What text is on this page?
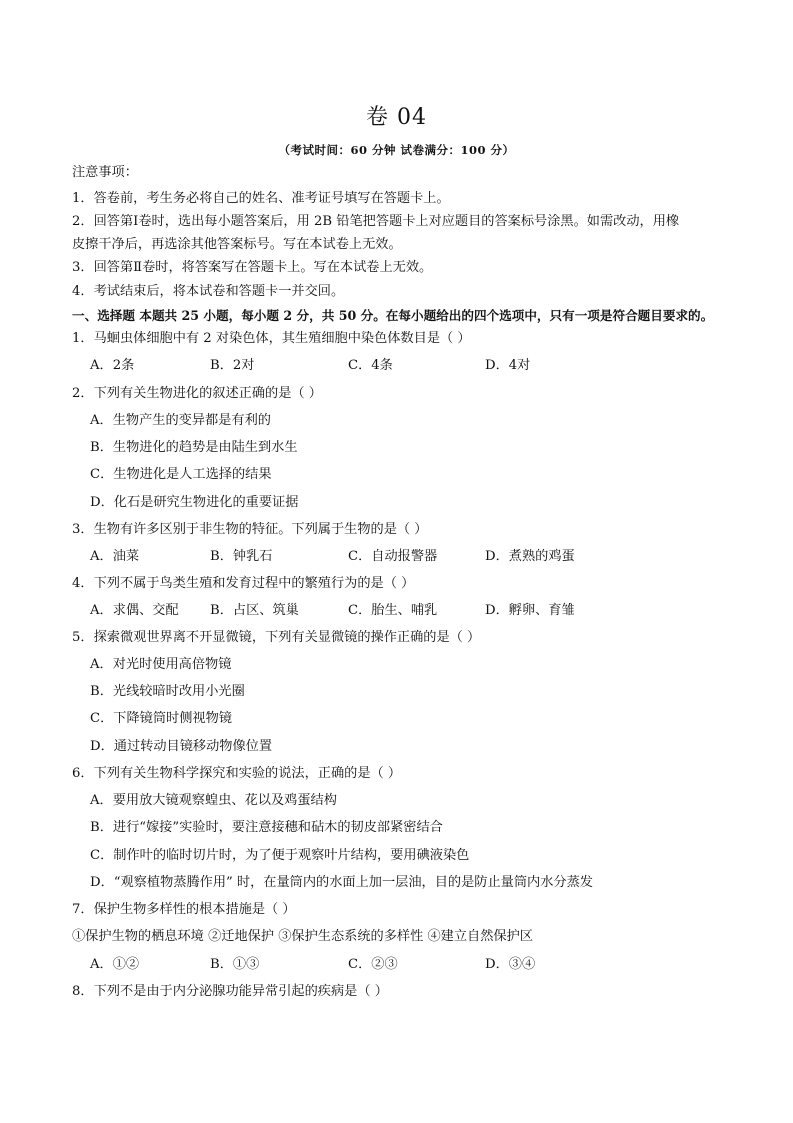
卷 04
（考试时间：60 分钟 试卷满分：100 分）
注意事项：
1．答卷前，考生务必将自己的姓名、准考证号填写在答题卡上。
2．回答第Ⅰ卷时，选出每小题答案后，用 2B 铅笔把答题卡上对应题目的答案标号涂黑。如需改动，用橡
皮擦干净后，再选涂其他答案标号。写在本试卷上无效。
3．回答第Ⅱ卷时，将答案写在答题卡上。写在本试卷上无效。
4．考试结束后，将本试卷和答题卡一并交回。
一、选择题 本题共 25 小题，每小题 2 分，共 50 分。在每小题给出的四个选项中，只有一项是符合题目要求的。
1．马蛔虫体细胞中有 2 对染色体，其生殖细胞中染色体数目是（ ）
A．2条	B．2对	C．4条	D．4对
2．下列有关生物进化的叙述正确的是（ ）
A．生物产生的变异都是有利的
B．生物进化的趋势是由陆生到水生
C．生物进化是人工选择的结果
D．化石是研究生物进化的重要证据
3．生物有许多区别于非生物的特征。下列属于生物的是（ ）
A．油菜	B．钟乳石	C．自动报警器	D．煮熟的鸡蛋
4．下列不属于鸟类生殖和发育过程中的繁殖行为的是（ ）
A．求偶、交配 B．占区、筑巢	C．胎生、哺乳	D．孵卵、育雏
5．探索微观世界离不开显微镜，下列有关显微镜的操作正确的是（ ）
A．对光时使用高倍物镜
B．光线较暗时改用小光圈
C．下降镜筒时侧视物镜
D．通过转动目镜移动物像位置
6．下列有关生物科学探究和实验的说法，正确的是（ ）
A．要用放大镜观察蝗虫、花以及鸡蛋结构
B．进行“嫁接”实验时，要注意接穗和砧木的韧皮部紧密结合
C．制作叶的临时切片时，为了便于观察叶片结构，要用碘液染色
D．“观察植物蒸腾作用” 时，在量筒内的水面上加一层油，目的是防止量筒内水分蒸发
7．保护生物多样性的根本措施是（ ）
①保护生物的栖息环境 ②迁地保护 ③保护生态系统的多样性 ④建立自然保护区
A．①②	B．①③	C．②③	D．③④
8．下列不是由于内分泌腺功能异常引起的疾病是（ ）
